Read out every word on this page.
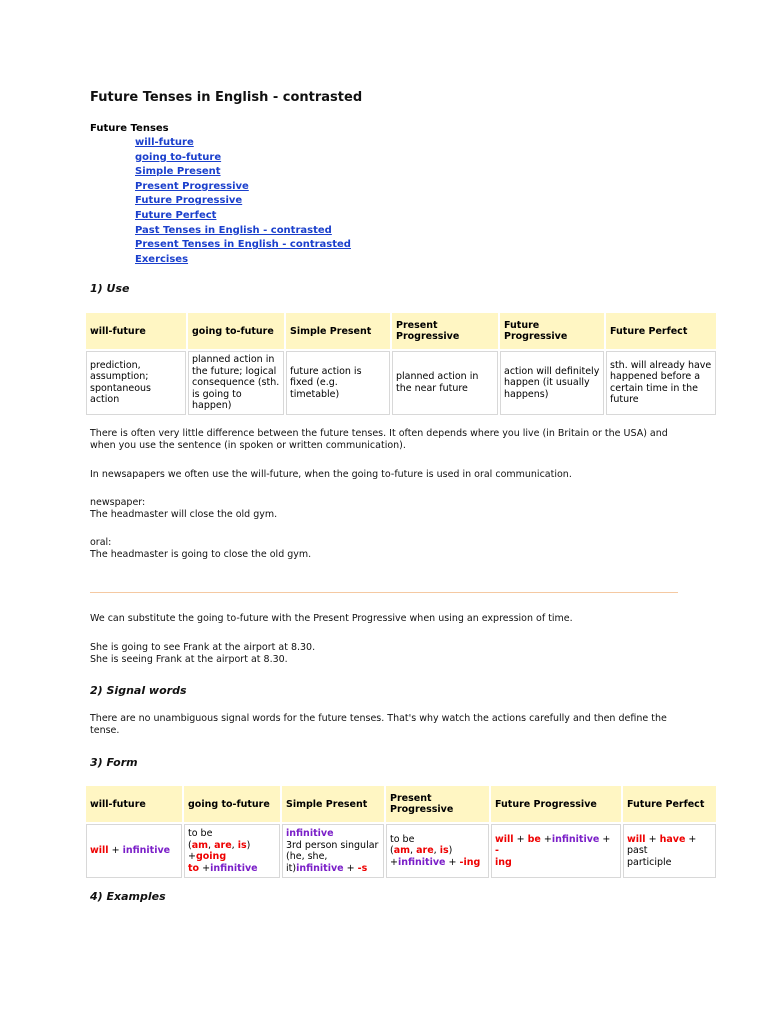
Future Tenses in English - contrasted
Future Tenses
will-future
going to-future
Simple Present
Present Progressive
Future Progressive
Future Perfect
Past Tenses in English - contrasted
Present Tenses in English - contrasted
Exercises
1) Use
will-future	going to-future	Simple Present	Present Progressive	Future Progressive	Future Perfect
prediction, assumption; spontaneous action	planned action in the future; logical consequence (sth. is going to happen)	future action is fixed (e.g. timetable)	planned action in the near future	action will definitely happen (it usually happens)	sth. will already have happened before a certain time in the future
There is often very little difference between the future tenses. It often depends where you live (in Britain or the USA) and when you use the sentence (in spoken or written communication).
In newsapapers we often use the will-future, when the going to-future is used in oral communication.
newspaper:
The headmaster will close the old gym.
oral:
The headmaster is going to close the old gym.
We can substitute the going to-future with the Present Progressive when using an expression of time.
She is going to see Frank at the airport at 8.30.
She is seeing Frank at the airport at 8.30.
2) Signal words
There are no unambiguous signal words for the future tenses. That's why watch the actions carefully and then define the tense.
3) Form
will-future	going to-future	Simple Present	Present Progressive	Future Progressive	Future Perfect
will + infinitive	to be
(am, are, is)
+going
to +infinitive	infinitive
3rd person singular
(he, she,
it)infinitive + -s	to be
(am, are, is)
+infinitive + -ing	will + be +infinitive + -
ing	will + have + past
participle
4) Examples
